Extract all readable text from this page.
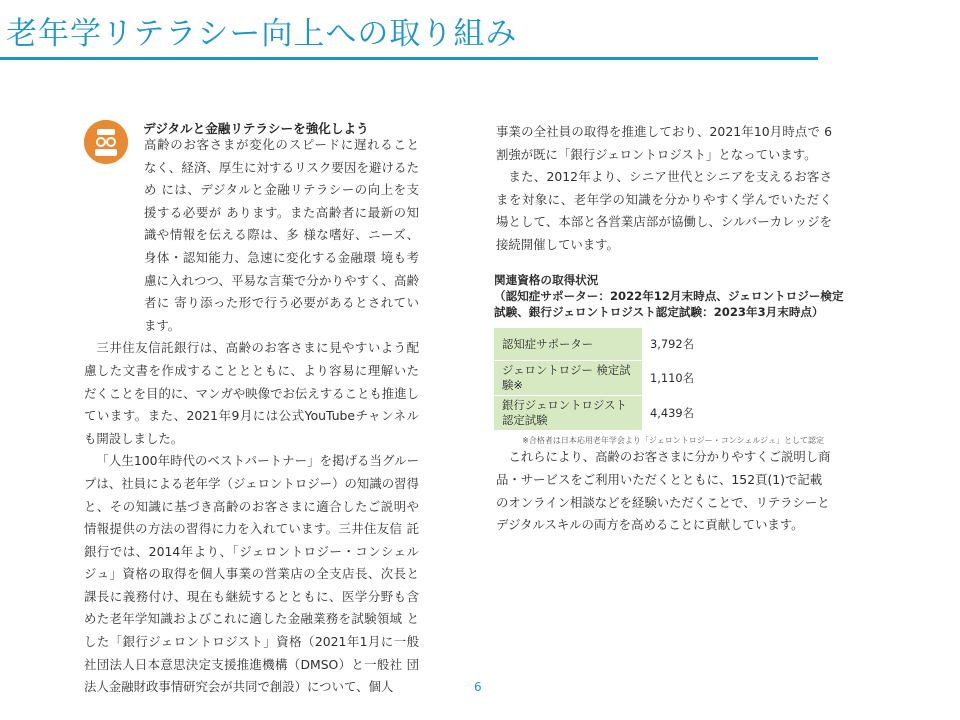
老年学リテラシー向上への取り組み
デジタルと金融リテラシーを強化しよう

高齢のお客さまが変化のスピードに遅れること なく、経済、厚生に対するリスク要因を避けるため には、デジタルと金融リテラシーの向上を支援する必要が あります。また高齢者に最新の知識や情報を伝える際は、多 様な嗜好、ニーズ、身体・認知能力、急速に変化する金融環 境も考慮に入れつつ、平易な言葉で分かりやすく、高齢者に 寄り添った形で行う必要があるとされています。

三井住友信託銀行は、高齢のお客さまに見やすいよう配 慮した文書を作成することとともに、より容易に理解いた だくことを目的に、マンガや映像でお伝えすることも推進し ています。また、2021年9月には公式YouTubeチャンネル も開設しました。

「人生100年時代のベストパートナー」を掲げる当グルー プは、社員による老年学（ジェロントロジー）の知識の習得 と、その知識に基づき高齢のお客さまに適合したご説明や 情報提供の方法の習得に力を入れています。三井住友信 託銀行では、2014年より、「ジェロントロジー・コンシェル ジュ」資格の取得を個人事業の営業店の全支店長、次長と 課長に義務付け、現在も継続するとともに、医学分野も含 めた老年学知識およびこれに適した金融業務を試験領域 とした「銀行ジェロントロジスト」資格（2021年1月に一般 社団法人日本意思決定支援推進機構（DMSO）と一般社 団法人金融財政事情研究会が共同で創設）について、個人

事業の全社員の取得を推進しており、2021年10月時点で 6割強が既に「銀行ジェロントロジスト」となっています。

また、2012年より、シニア世代とシニアを支えるお客さ まを対象に、老年学の知識を分かりやすく学んでいただく 場として、本部と各営業店部が協働し、シルバーカレッジを 接続開催しています。

関連資格の取得状況
（認知症サポーター：2022年12月末時点、ジェロントロジー検定
試験、銀行ジェロントロジスト認定試験：2023年3月末時点）
認知症サポーター	3,792名
ジェロントロジー 検定試験※	1,110名
銀行ジェロントロジスト 認定試験	4,439名
※合格者は日本応用老年学会より「ジェロントロジー・コンシェルジュ」として認定

これらにより、高齢のお客さまに分かりやすくご説明し商 品・サービスをご利用いただくとともに、152頁(1)で記載 のオンライン相談などを経験いただくことで、リテラシーと デジタルスキルの両方を高めることに貢献しています。

6
